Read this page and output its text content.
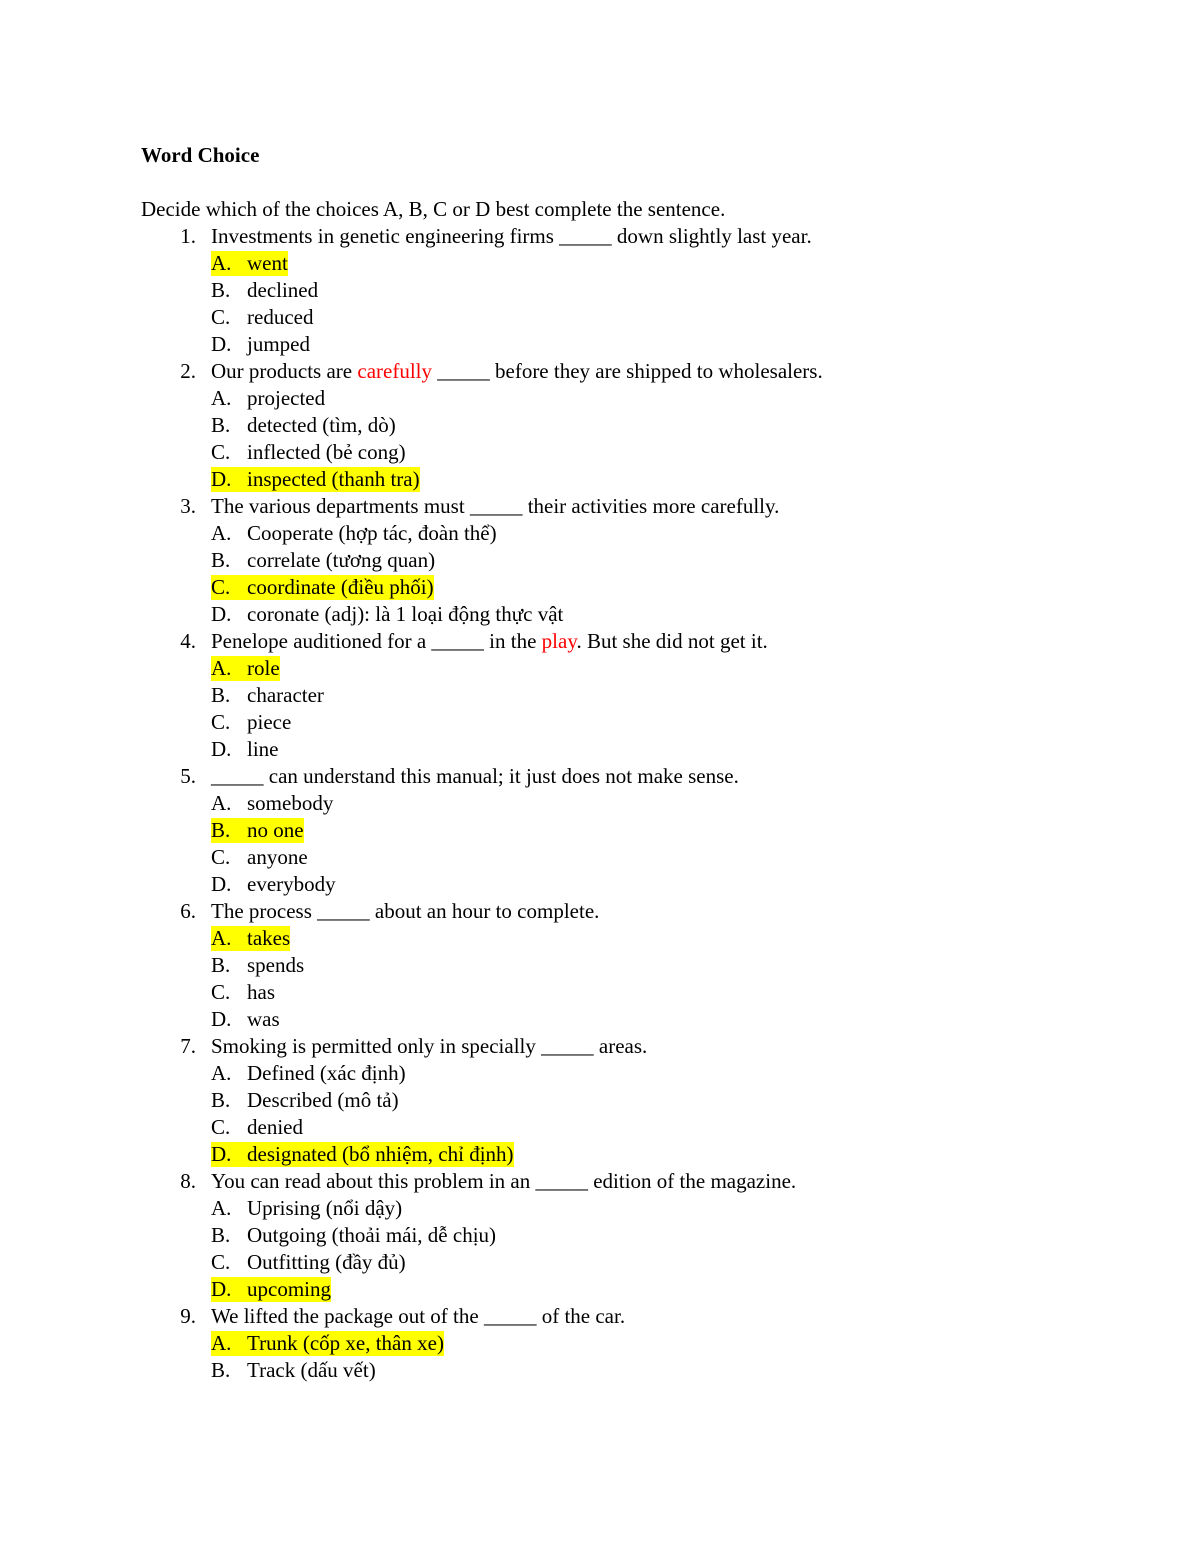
Word Choice

Decide which of the choices A, B, C or D best complete the sentence.

1. Investments in genetic engineering firms _____ down slightly last year.
A. went
B. declined
C. reduced
D. jumped
2. Our products are carefully _____ before they are shipped to wholesalers.
A. projected
B. detected (tìm, dò)
C. inflected (bẻ cong)
D. inspected (thanh tra)
3. The various departments must _____ their activities more carefully.
A. Cooperate (hợp tác, đoàn thể)
B. correlate (tương quan)
C. coordinate (điều phối)
D. coronate (adj): là 1 loại động thực vật
4. Penelope auditioned for a _____ in the play. But she did not get it.
A. role
B. character
C. piece
D. line
5. _____ can understand this manual; it just does not make sense.
A. somebody
B. no one
C. anyone
D. everybody
6. The process _____ about an hour to complete.
A. takes
B. spends
C. has
D. was
7. Smoking is permitted only in specially _____ areas.
A. Defined (xác định)
B. Described (mô tả)
C. denied
D. designated (bổ nhiệm, chỉ định)
8. You can read about this problem in an _____ edition of the magazine.
A. Uprising (nổi dậy)
B. Outgoing (thoải mái, dễ chịu)
C. Outfitting (đầy đủ)
D. upcoming
9. We lifted the package out of the _____ of the car.
A. Trunk (cốp xe, thân xe)
B. Track (dấu vết)
